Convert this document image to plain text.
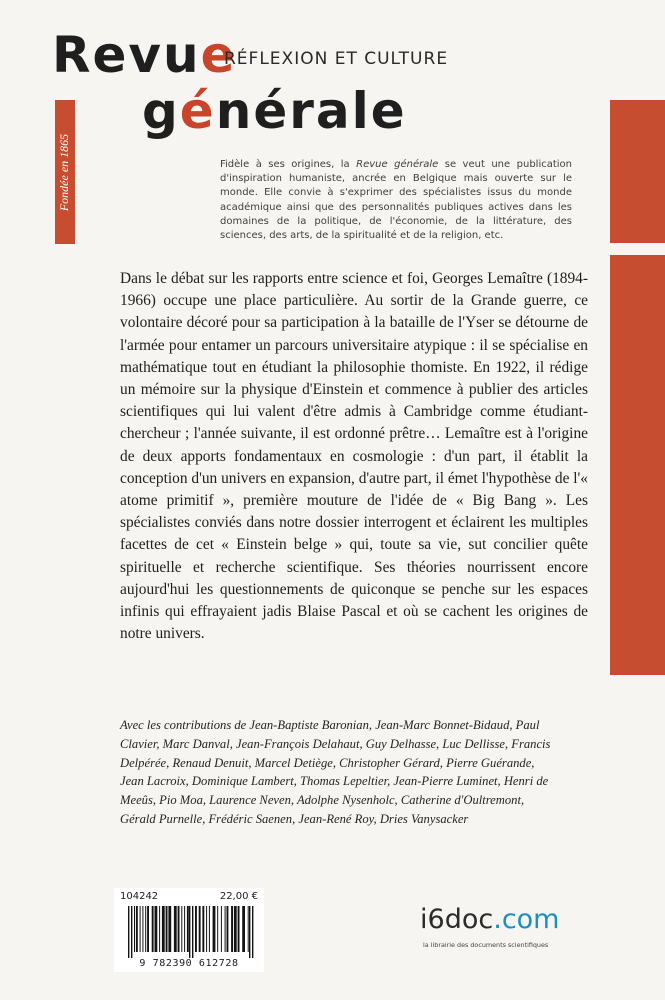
Fondée en 1865
Revue
RÉFLEXION ET CULTURE
générale
Fidèle à ses origines, la Revue générale se veut une publication d'inspiration humaniste, ancrée en Belgique mais ouverte sur le monde. Elle convie à s'exprimer des spécialistes issus du monde académique ainsi que des personnalités publiques actives dans les domaines de la politique, de l'économie, de la littérature, des sciences, des arts, de la spiritualité et de la religion, etc.

Dans le débat sur les rapports entre science et foi, Georges Lemaître (1894-1966) occupe une place particulière. Au sortir de la Grande guerre, ce volontaire décoré pour sa participation à la bataille de l'Yser se détourne de l'armée pour entamer un parcours universitaire atypique : il se spécialise en mathématique tout en étudiant la philosophie thomiste. En 1922, il rédige un mémoire sur la physique d'Einstein et commence à publier des articles scientifiques qui lui valent d'être admis à Cambridge comme étudiant-chercheur ; l'année suivante, il est ordonné prêtre… Lemaître est à l'origine de deux apports fondamentaux en cosmologie : d'un part, il établit la conception d'un univers en expansion, d'autre part, il émet l'hypothèse de l'« atome primitif », première mouture de l'idée de « Big Bang ». Les spécialistes conviés dans notre dossier interrogent et éclairent les multiples facettes de cet « Einstein belge » qui, toute sa vie, sut concilier quête spirituelle et recherche scientifique. Ses théories nourrissent encore aujourd'hui les questionnements de quiconque se penche sur les espaces infinis qui effrayaient jadis Blaise Pascal et où se cachent les origines de notre univers.

Avec les contributions de Jean-Baptiste Baronian, Jean-Marc Bonnet-Bidaud, Paul Clavier, Marc Danval, Jean-François Delahaut, Guy Delhasse, Luc Dellisse, Francis Delpérée, Renaud Denuit, Marcel Detiège, Christopher Gérard, Pierre Guérande, Jean Lacroix, Dominique Lambert, Thomas Lepeltier, Jean-Pierre Luminet, Henri de Meeûs, Pio Moa, Laurence Neven, Adolphe Nysenholc, Catherine d'Oultremont, Gérald Purnelle, Frédéric Saenen, Jean-René Roy, Dries Vanysacker

104242	22,00 €
9 782390 612728
i6doc.com
la librairie des documents scientifiques
